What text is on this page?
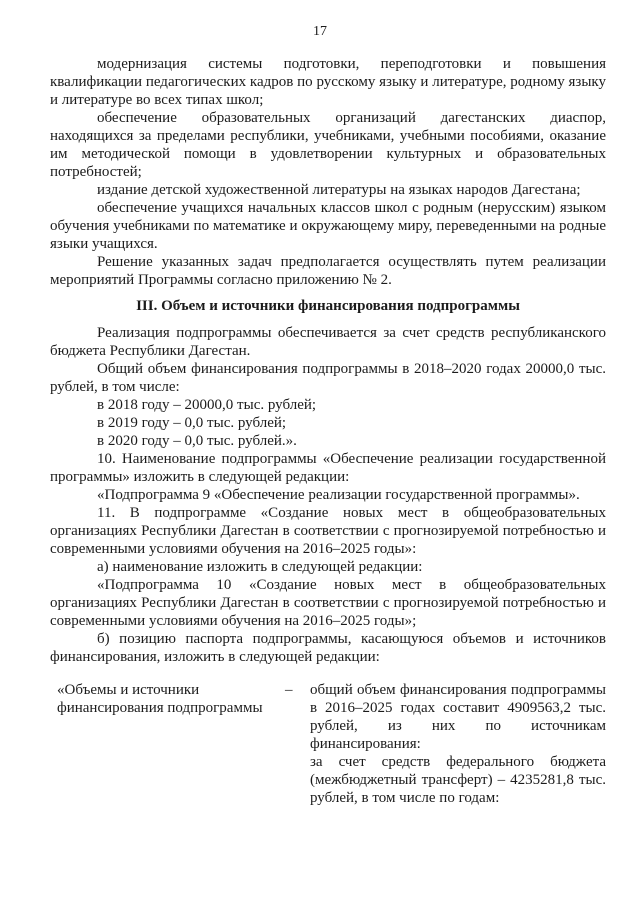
17

модернизация системы подготовки, переподготовки и повышения квалификации педагогических кадров по русскому языку и литературе, родному языку и литературе во всех типах школ;

обеспечение образовательных организаций дагестанских диаспор, находящихся за пределами республики, учебниками, учебными пособиями, оказание им методической помощи в удовлетворении культурных и образовательных потребностей;

издание детской художественной литературы на языках народов Дагестана;

обеспечение учащихся начальных классов школ с родным (нерусским) языком обучения учебниками по математике и окружающему миру, переведенными на родные языки учащихся.

Решение указанных задач предполагается осуществлять путем реализации мероприятий Программы согласно приложению № 2.

III. Объем и источники финансирования подпрограммы

Реализация подпрограммы обеспечивается за счет средств республиканского бюджета Республики Дагестан.

Общий объем финансирования подпрограммы в 2018–2020 годах 20000,0 тыс. рублей, в том числе:

в 2018 году – 20000,0 тыс. рублей;

в 2019 году – 0,0 тыс. рублей;

в 2020 году – 0,0 тыс. рублей.».

10. Наименование подпрограммы «Обеспечение реализации государственной программы» изложить в следующей редакции:

«Подпрограмма 9 «Обеспечение реализации государственной программы».

11. В подпрограмме «Создание новых мест в общеобразовательных организациях Республики Дагестан в соответствии с прогнозируемой потребностью и современными условиями обучения на 2016–2025 годы»:

а) наименование изложить в следующей редакции:

«Подпрограмма 10 «Создание новых мест в общеобразовательных организациях Республики Дагестан в соответствии с прогнозируемой потребностью и современными условиями обучения на 2016–2025 годы»;

б) позицию паспорта подпрограммы, касающуюся объемов и источников финансирования, изложить в следующей редакции:

«Объемы и источники финансирования подпрограммы
–	общий объем финансирования подпрограммы в 2016–2025 годах составит 4909563,2 тыс. рублей, из них по источникам финансирования:

за счет средств федерального бюджета (межбюджетный трансферт) – 4235281,8 тыс. рублей, в том числе по годам:
